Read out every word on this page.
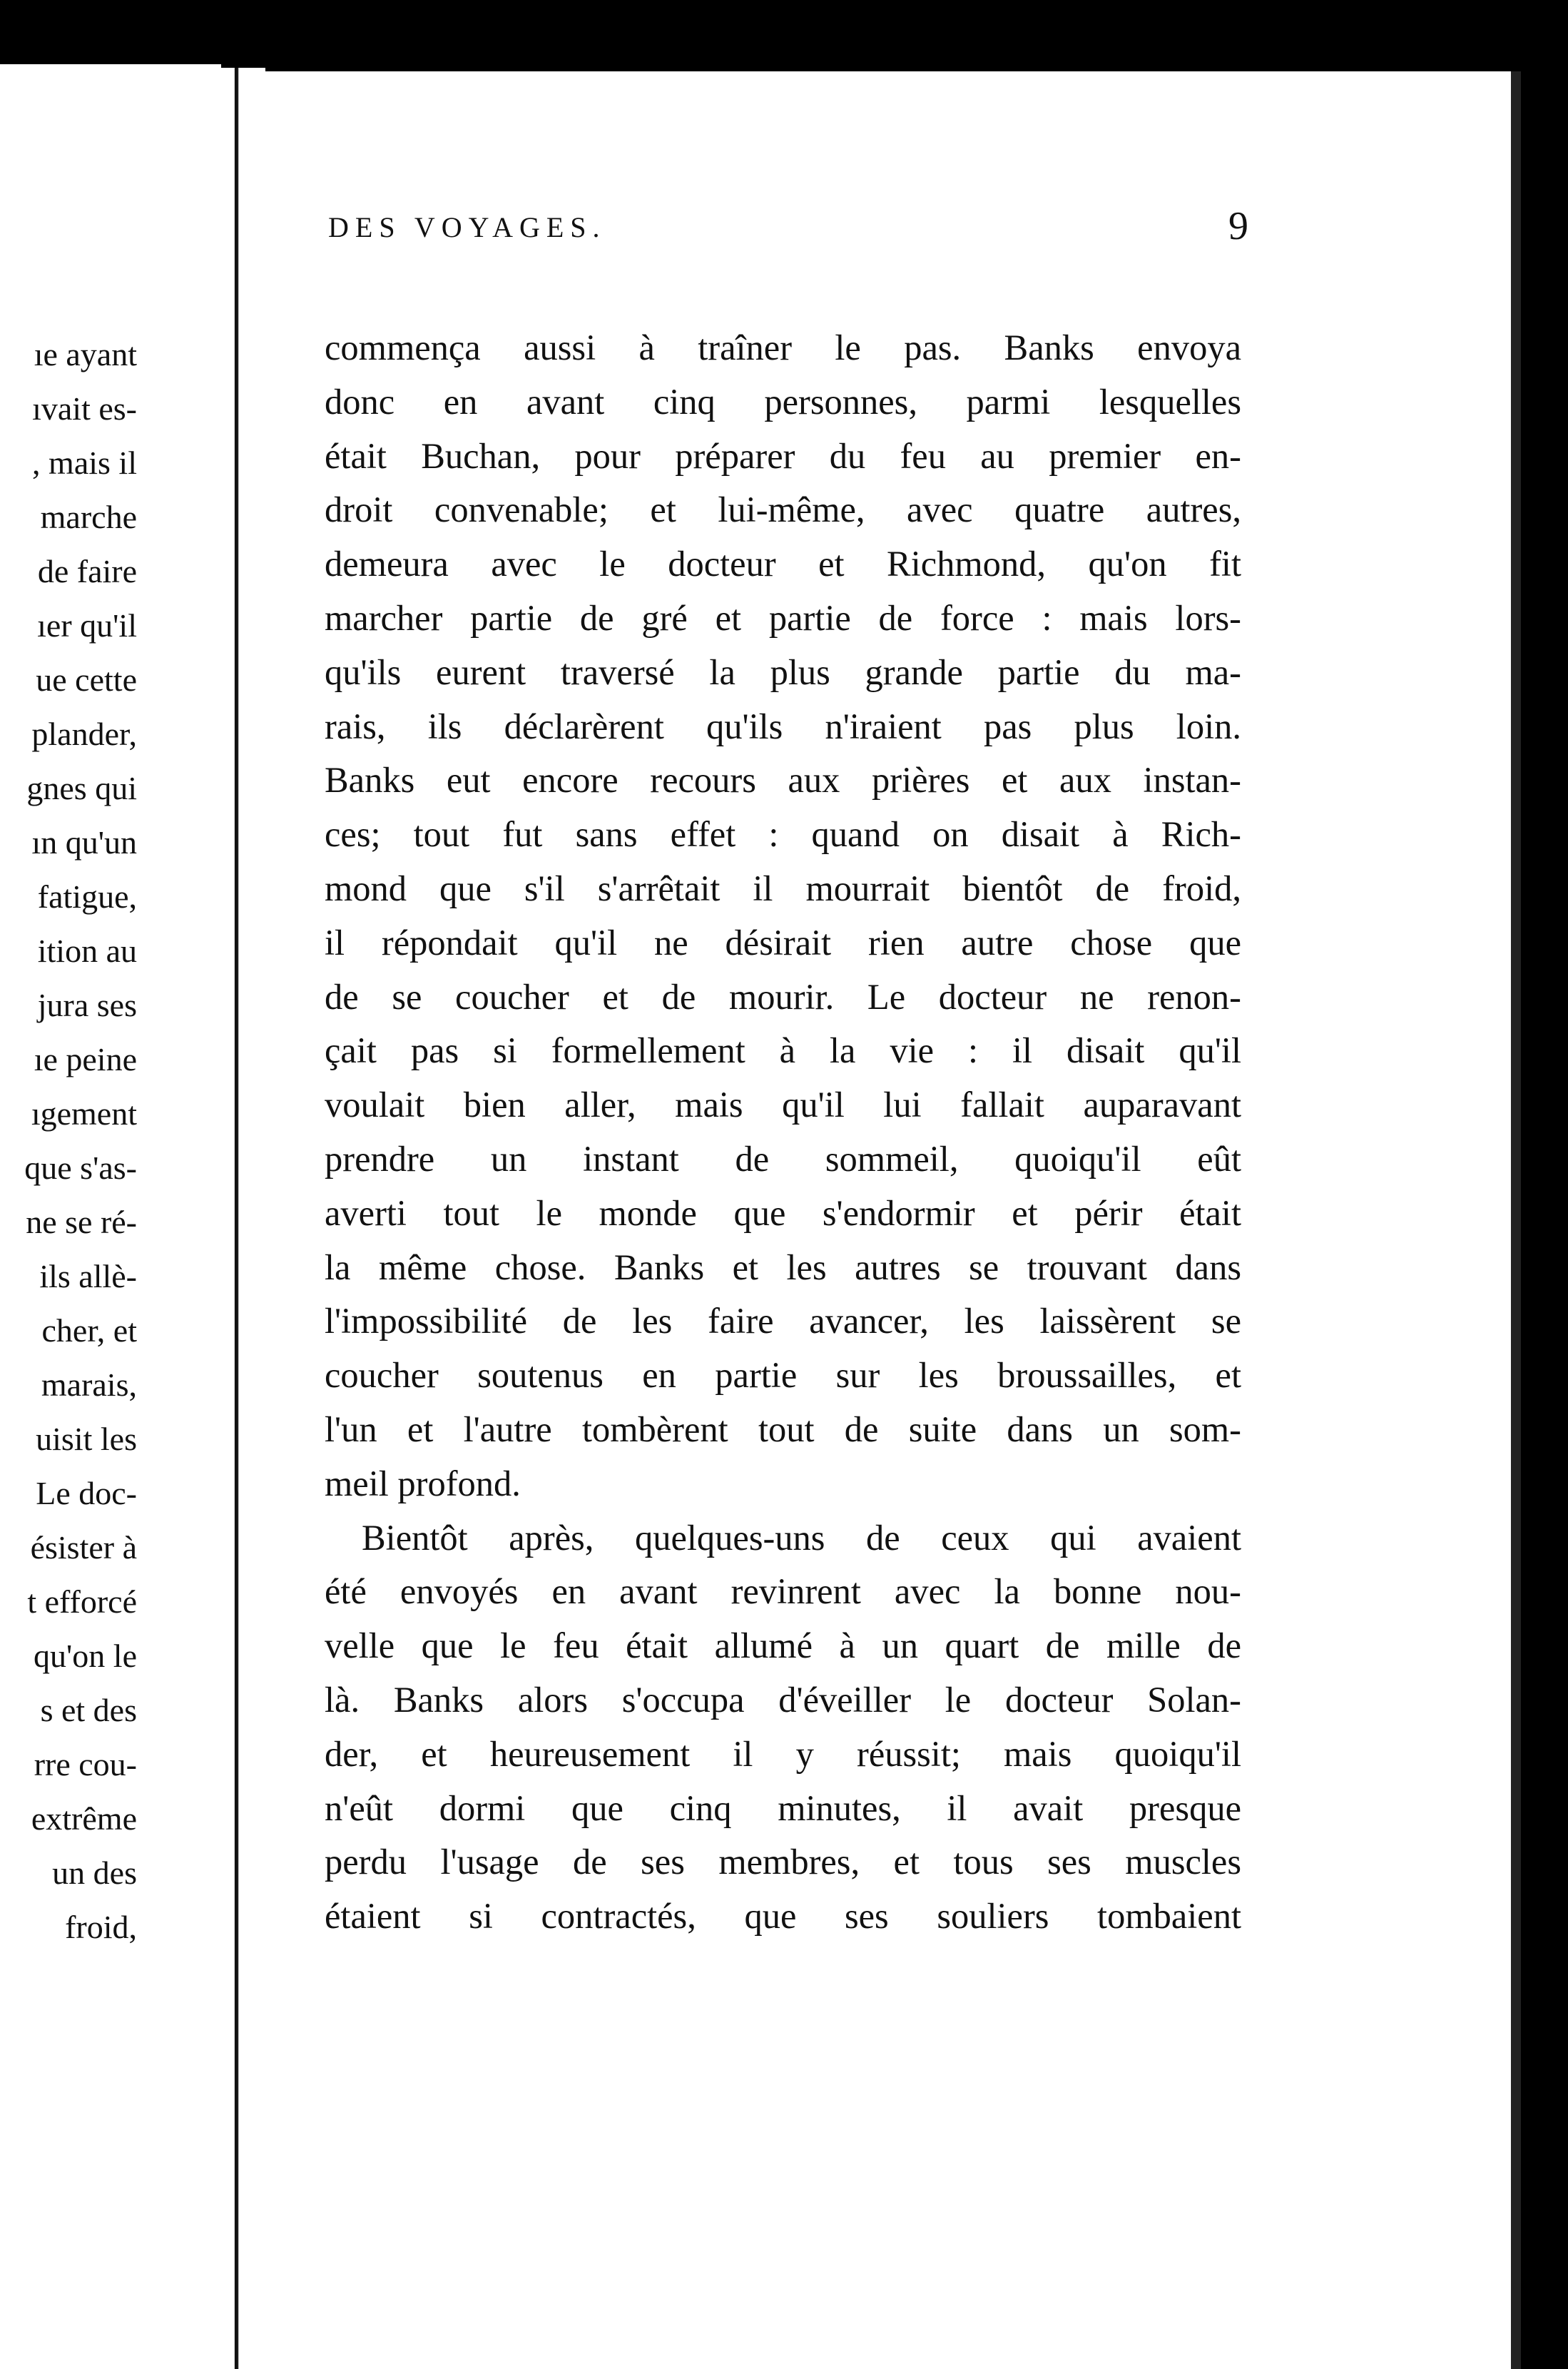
ıe ayant
ıvait es-
, mais il
marche
de faire
ıer qu'il
ue cette
plander,
gnes qui
ın qu'un
fatigue,
ition au
jura ses
ıe peine
ıgement
que s'as-
ne se ré-
ils allè-
cher, et
marais,
uisit les
Le doc-
ésister à
t efforcé
qu'on le
s et des
rre cou-
extrême
un des
froid,
DES VOYAGES.	9
commença aussi à traîner le pas. Banks envoya
donc en avant cinq personnes, parmi lesquelles
était Buchan, pour préparer du feu au premier en-
droit convenable; et lui-même, avec quatre autres,
demeura avec le docteur et Richmond, qu'on fit
marcher partie de gré et partie de force : mais lors-
qu'ils eurent traversé la plus grande partie du ma-
rais, ils déclarèrent qu'ils n'iraient pas plus loin.
Banks eut encore recours aux prières et aux instan-
ces; tout fut sans effet : quand on disait à Rich-
mond que s'il s'arrêtait il mourrait bientôt de froid,
il répondait qu'il ne désirait rien autre chose que
de se coucher et de mourir. Le docteur ne renon-
çait pas si formellement à la vie : il disait qu'il
voulait bien aller, mais qu'il lui fallait auparavant
prendre un instant de sommeil, quoiqu'il eût
averti tout le monde que s'endormir et périr était
la même chose. Banks et les autres se trouvant dans
l'impossibilité de les faire avancer, les laissèrent se
coucher soutenus en partie sur les broussailles, et
l'un et l'autre tombèrent tout de suite dans un som-
meil profond.
Bientôt après, quelques-uns de ceux qui avaient
été envoyés en avant revinrent avec la bonne nou-
velle que le feu était allumé à un quart de mille de
là. Banks alors s'occupa d'éveiller le docteur Solan-
der, et heureusement il y réussit; mais quoiqu'il
n'eût dormi que cinq minutes, il avait presque
perdu l'usage de ses membres, et tous ses muscles
étaient si contractés, que ses souliers tombaient
